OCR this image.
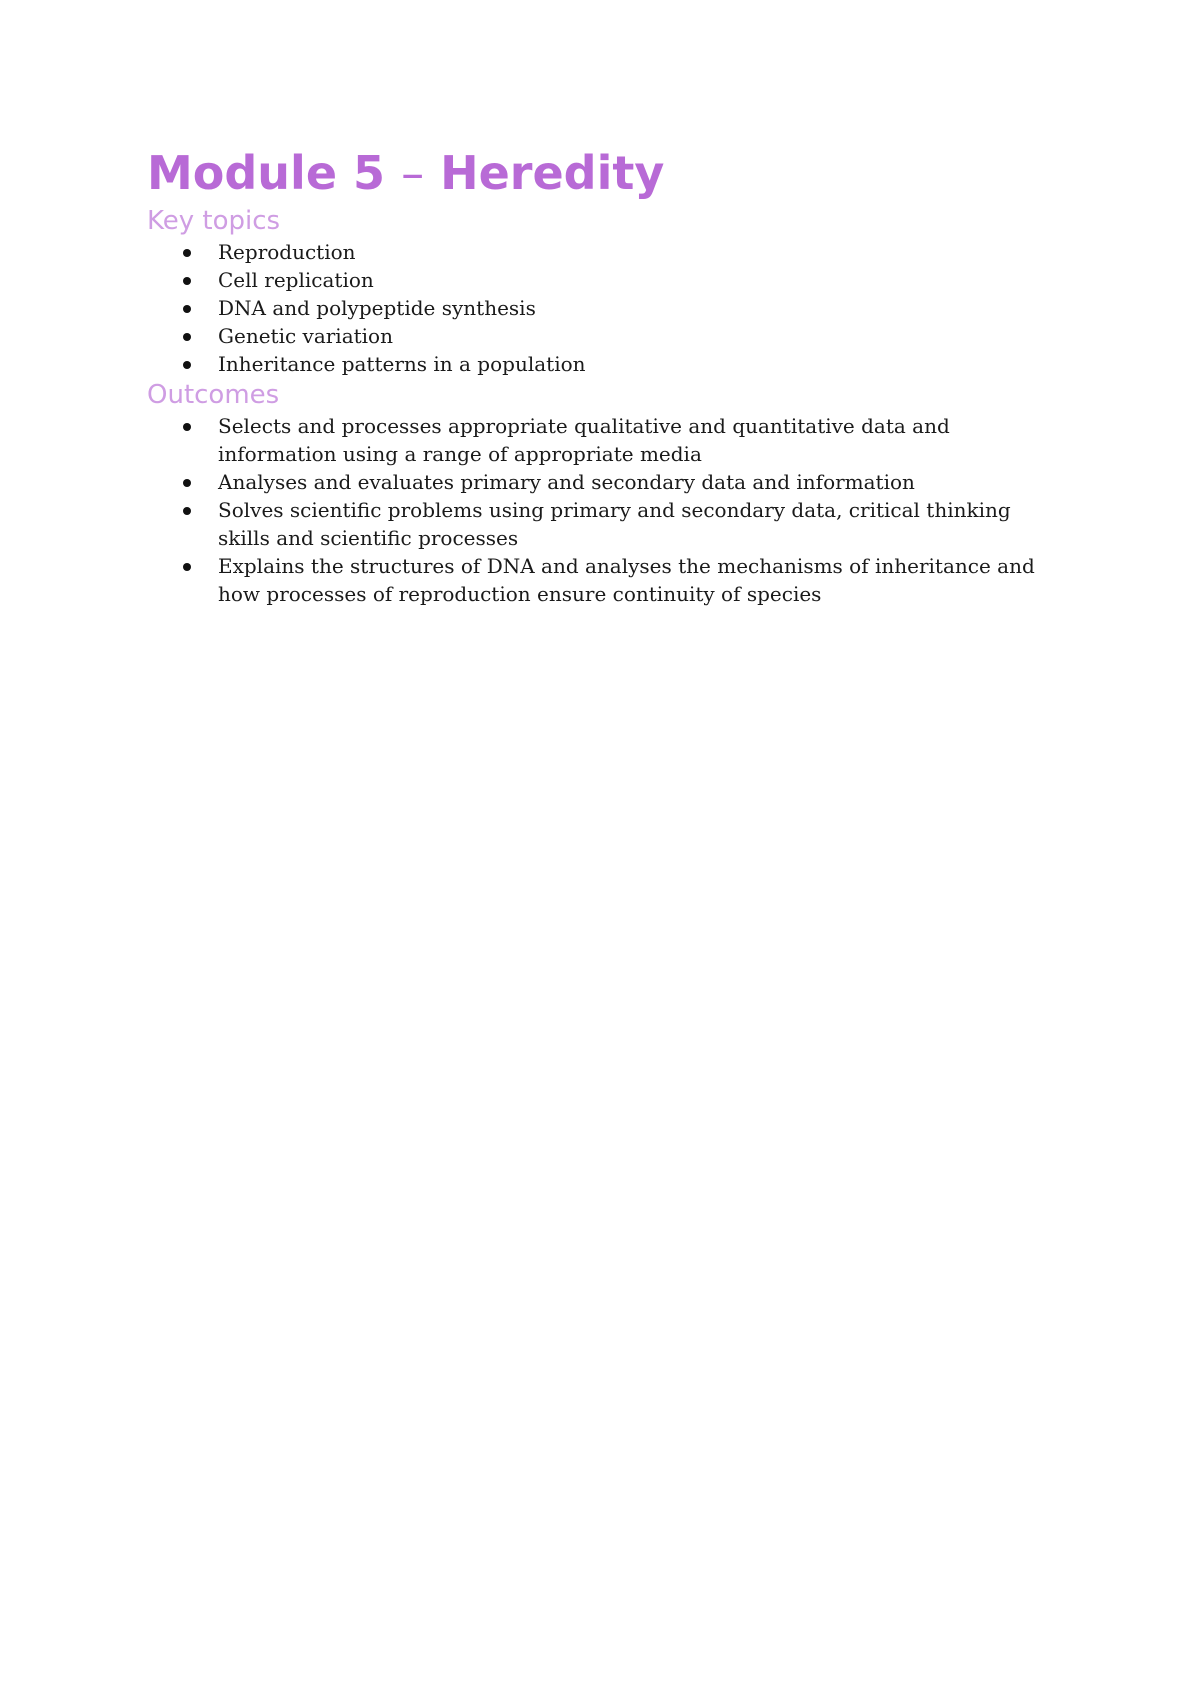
Module 5 – Heredity
Key topics
Reproduction
Cell replication
DNA and polypeptide synthesis
Genetic variation
Inheritance patterns in a population
Outcomes
Selects and processes appropriate qualitative and quantitative data and information using a range of appropriate media
Analyses and evaluates primary and secondary data and information
Solves scientific problems using primary and secondary data, critical thinking skills and scientific processes
Explains the structures of DNA and analyses the mechanisms of inheritance and how processes of reproduction ensure continuity of species
